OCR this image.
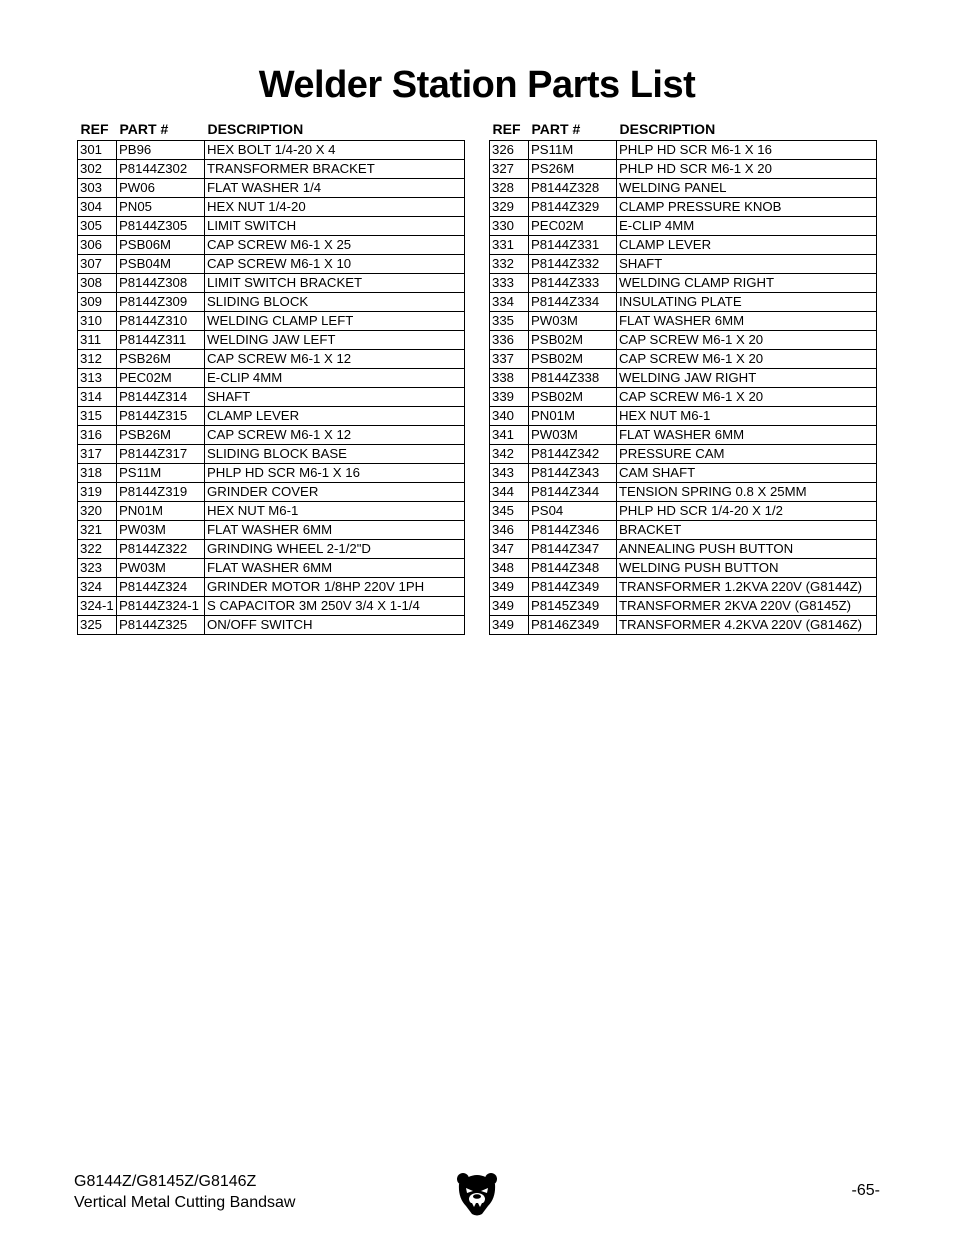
Welder Station Parts List
REF	PART #	DESCRIPTION
301	PB96	HEX BOLT 1/4-20 X 4
302	P8144Z302	TRANSFORMER BRACKET
303	PW06	FLAT WASHER 1/4
304	PN05	HEX NUT 1/4-20
305	P8144Z305	LIMIT SWITCH
306	PSB06M	CAP SCREW M6-1 X 25
307	PSB04M	CAP SCREW M6-1 X 10
308	P8144Z308	LIMIT SWITCH BRACKET
309	P8144Z309	SLIDING BLOCK
310	P8144Z310	WELDING CLAMP LEFT
311	P8144Z311	WELDING JAW LEFT
312	PSB26M	CAP SCREW M6-1 X 12
313	PEC02M	E-CLIP 4MM
314	P8144Z314	SHAFT
315	P8144Z315	CLAMP LEVER
316	PSB26M	CAP SCREW M6-1 X 12
317	P8144Z317	SLIDING BLOCK BASE
318	PS11M	PHLP HD SCR M6-1 X 16
319	P8144Z319	GRINDER COVER
320	PN01M	HEX NUT M6-1
321	PW03M	FLAT WASHER 6MM
322	P8144Z322	GRINDING WHEEL 2-1/2"D
323	PW03M	FLAT WASHER 6MM
324	P8144Z324	GRINDER MOTOR 1/8HP 220V 1PH
324-1	P8144Z324-1	S CAPACITOR 3M 250V 3/4 X 1-1/4
325	P8144Z325	ON/OFF SWITCH
REF	PART #	DESCRIPTION
326	PS11M	PHLP HD SCR M6-1 X 16
327	PS26M	PHLP HD SCR M6-1 X 20
328	P8144Z328	WELDING PANEL
329	P8144Z329	CLAMP PRESSURE KNOB
330	PEC02M	E-CLIP 4MM
331	P8144Z331	CLAMP LEVER
332	P8144Z332	SHAFT
333	P8144Z333	WELDING CLAMP RIGHT
334	P8144Z334	INSULATING PLATE
335	PW03M	FLAT WASHER 6MM
336	PSB02M	CAP SCREW M6-1 X 20
337	PSB02M	CAP SCREW M6-1 X 20
338	P8144Z338	WELDING JAW RIGHT
339	PSB02M	CAP SCREW M6-1 X 20
340	PN01M	HEX NUT M6-1
341	PW03M	FLAT WASHER 6MM
342	P8144Z342	PRESSURE CAM
343	P8144Z343	CAM SHAFT
344	P8144Z344	TENSION SPRING 0.8 X 25MM
345	PS04	PHLP HD SCR 1/4-20 X 1/2
346	P8144Z346	BRACKET
347	P8144Z347	ANNEALING PUSH BUTTON
348	P8144Z348	WELDING PUSH BUTTON
349	P8144Z349	TRANSFORMER 1.2KVA 220V (G8144Z)
349	P8145Z349	TRANSFORMER 2KVA 220V (G8145Z)
349	P8146Z349	TRANSFORMER 4.2KVA 220V (G8146Z)
G8144Z/G8145Z/G8146Z
Vertical Metal Cutting Bandsaw
-65-
